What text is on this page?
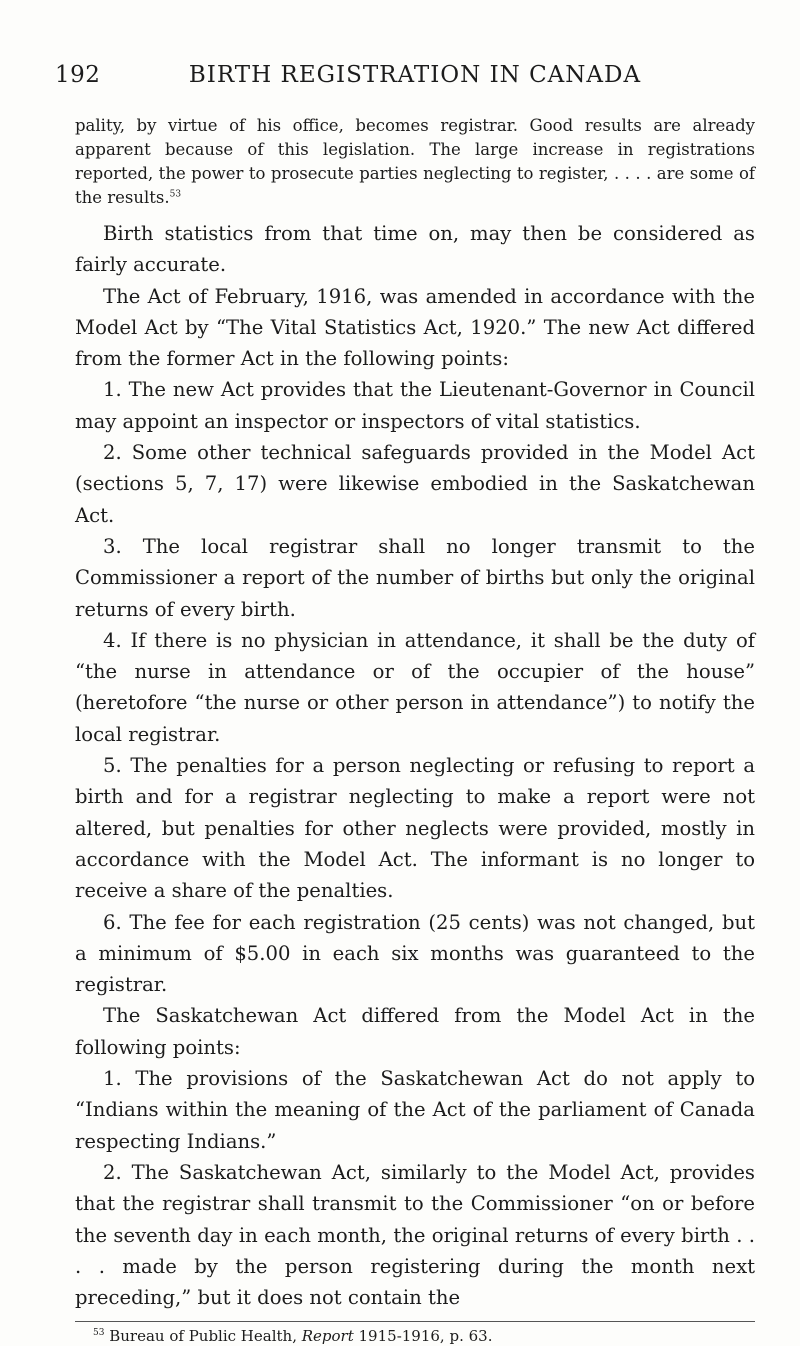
192	BIRTH REGISTRATION IN CANADA

pality, by virtue of his office, becomes registrar. Good results are already apparent because of this legislation. The large increase in registrations reported, the power to prosecute parties neglecting to register, . . . . are some of the results.$^{53}$

Birth statistics from that time on, may then be considered as fairly accurate.

The Act of February, 1916, was amended in accordance with the Model Act by “The Vital Statistics Act, 1920.” The new Act differed from the former Act in the following points:

1. The new Act provides that the Lieutenant-Governor in Council may appoint an inspector or inspectors of vital statistics.

2. Some other technical safeguards provided in the Model Act (sections 5, 7, 17) were likewise embodied in the Saskatchewan Act.

3. The local registrar shall no longer transmit to the Commissioner a report of the number of births but only the original returns of every birth.

4. If there is no physician in attendance, it shall be the duty of “the nurse in attendance or of the occupier of the house” (heretofore “the nurse or other person in attendance”) to notify the local registrar.

5. The penalties for a person neglecting or refusing to report a birth and for a registrar neglecting to make a report were not altered, but penalties for other neglects were provided, mostly in accordance with the Model Act. The informant is no longer to receive a share of the penalties.

6. The fee for each registration (25 cents) was not changed, but a minimum of $5.00 in each six months was guaranteed to the registrar.

The Saskatchewan Act differed from the Model Act in the following points:

1. The provisions of the Saskatchewan Act do not apply to “Indians within the meaning of the Act of the parliament of Canada respecting Indians.”

2. The Saskatchewan Act, similarly to the Model Act, provides that the registrar shall transmit to the Commissioner “on or before the seventh day in each month, the original returns of every birth . . . . made by the person registering during the month next preceding,” but it does not contain the

$^{53}$ Bureau of Public Health, Report 1915-1916, p. 63.
